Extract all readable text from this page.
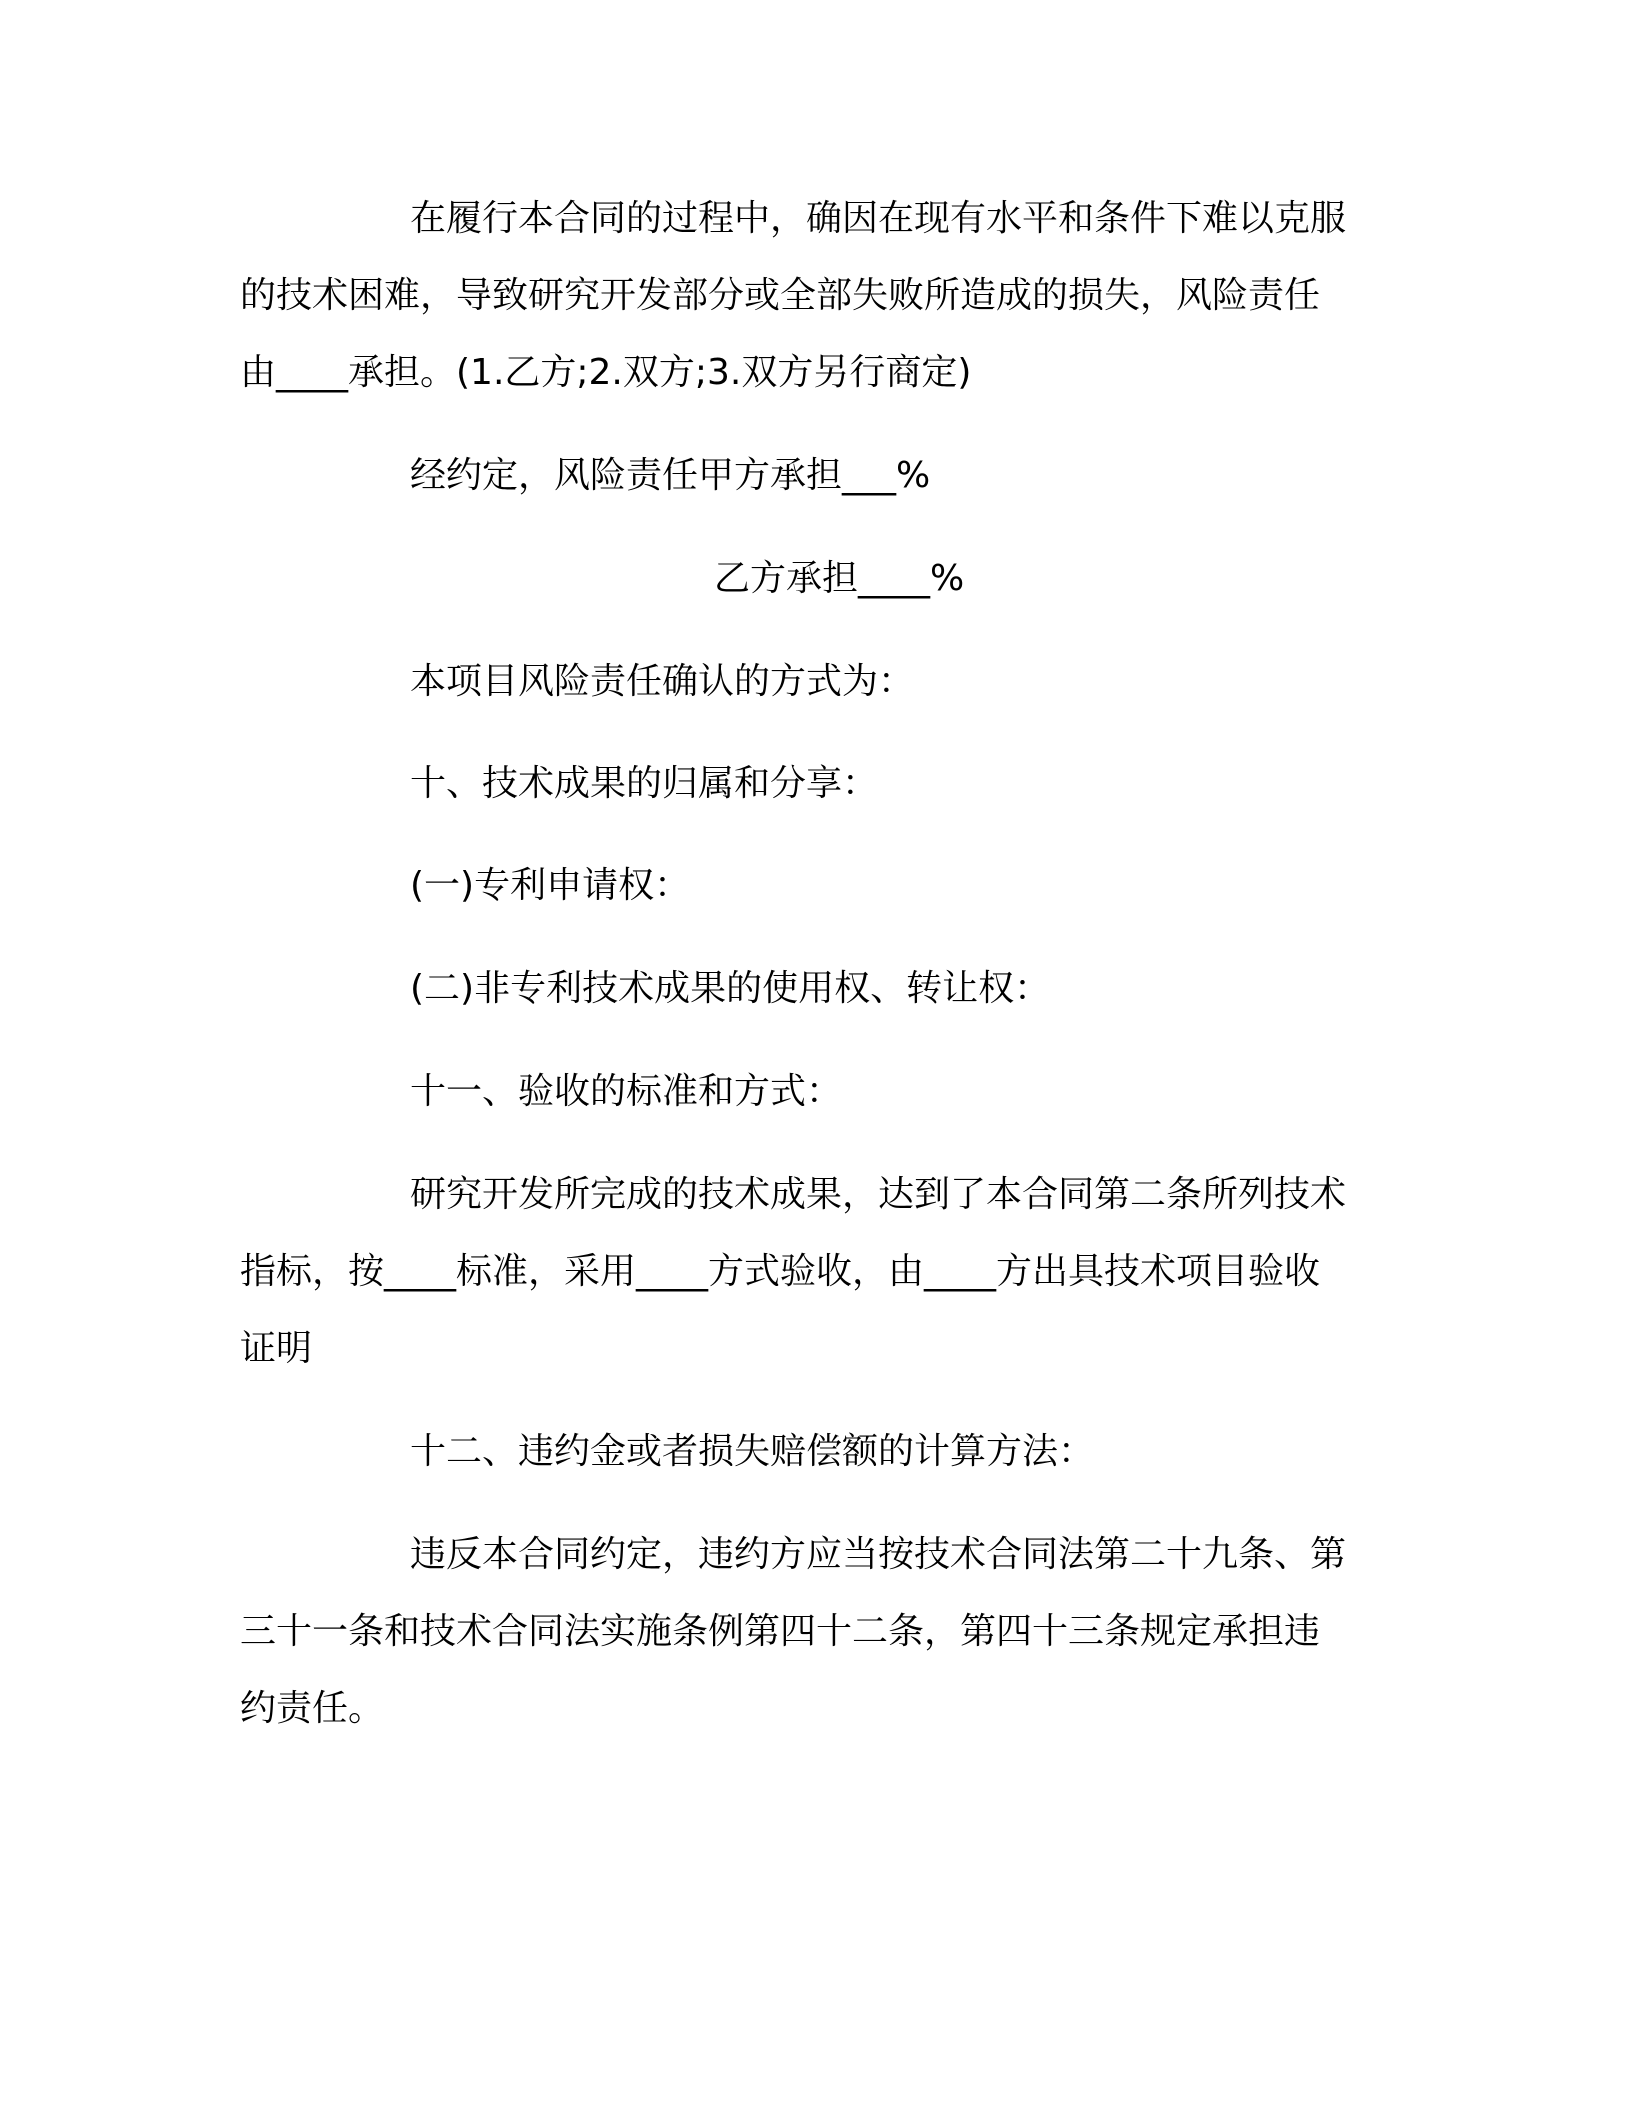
在履行本合同的过程中，确因在现有水平和条件下难以克服
的技术困难，导致研究开发部分或全部失败所造成的损失，风险责任
由____承担。(1.乙方;2.双方;3.双方另行商定)
经约定，风险责任甲方承担___%
乙方承担____%
本项目风险责任确认的方式为：
十、技术成果的归属和分享：
(一)专利申请权：
(二)非专利技术成果的使用权、转让权：
十一、验收的标准和方式：
研究开发所完成的技术成果，达到了本合同第二条所列技术
指标，按____标准，采用____方式验收，由____方出具技术项目验收
证明
十二、违约金或者损失赔偿额的计算方法：
违反本合同约定，违约方应当按技术合同法第二十九条、第
三十一条和技术合同法实施条例第四十二条，第四十三条规定承担违
约责任。
